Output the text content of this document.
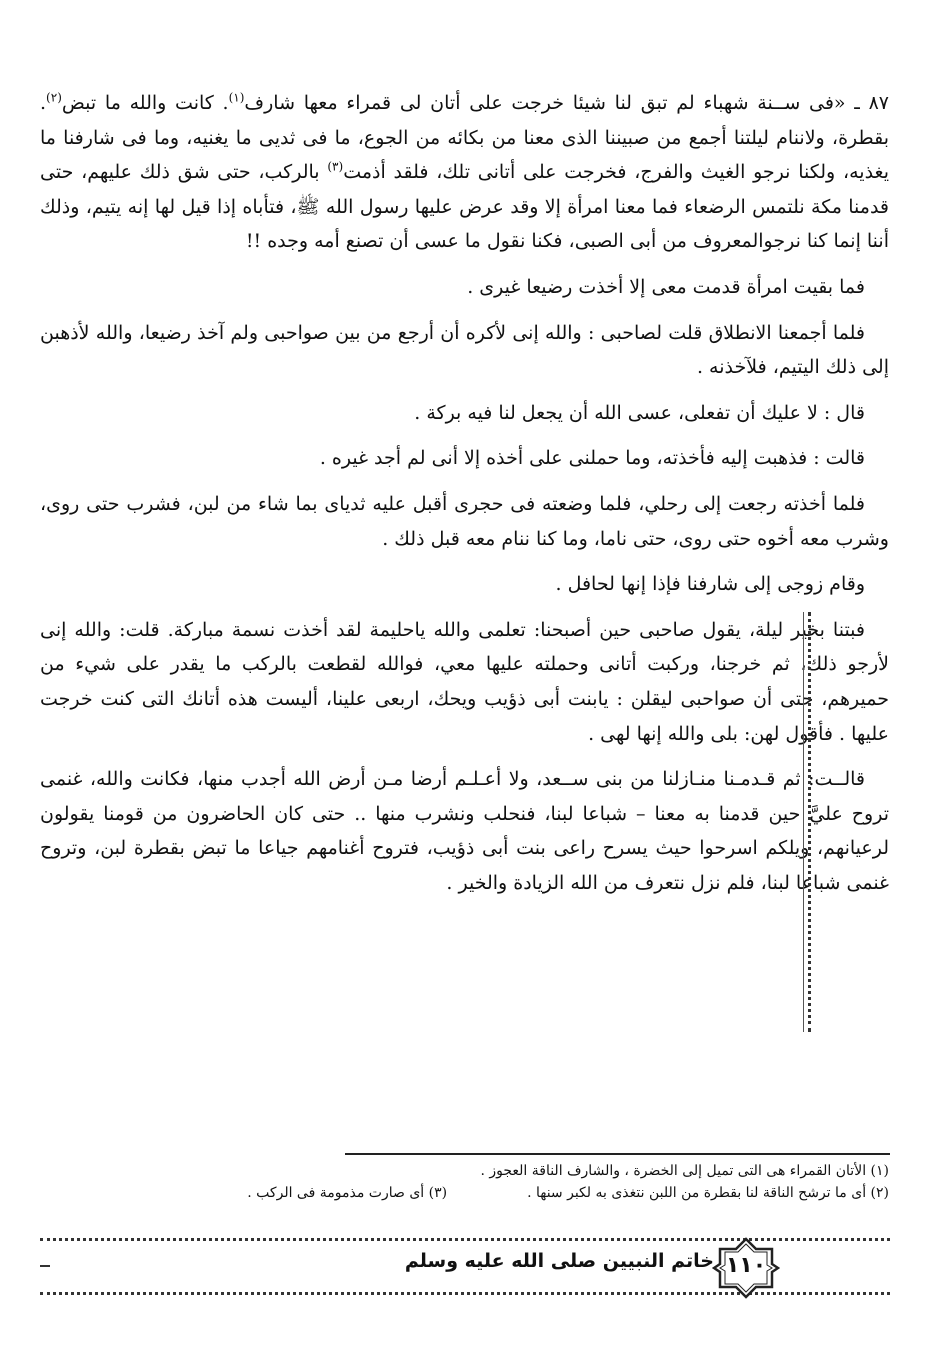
٨٧ ـ «فى ســنة شهباء لم تبق لنا شيئا خرجت على أتان لى قمراء معها شارف$^{(١)}$. كانت والله ما تبض$^{(٢)}$. بقطرة، ولاننام ليلتنا أجمع من صبيننا الذى معنا من بكائه من الجوع، ما فى ثديى ما يغنيه، وما فى شارفنا ما يغذيه، ولكنا نرجو الغيث والفرج، فخرجت على أتانى تلك، فلقد أذمت$^{(٣)}$ بالركب، حتى شق ذلك عليهم، حتى قدمنا مكة نلتمس الرضعاء فما معنا امرأة إلا وقد عرض عليها رسول الله ﷺ، فتأباه إذا قيل لها إنه يتيم، وذلك أننا إنما كنا نرجوالمعروف من أبى الصبى، فكنا نقول ما عسى أن تصنع أمه وجده !!

فما بقيت امرأة قدمت معى إلا أخذت رضيعا غيرى .

فلما أجمعنا الانطلاق قلت لصاحبى : والله إنى لأكره أن أرجع من بين صواحبى ولم آخذ رضيعا، والله لأذهبن إلى ذلك اليتيم، فلآخذنه .

قال : لا عليك أن تفعلى، عسى الله أن يجعل لنا فيه بركة .

قالت : فذهبت إليه فأخذته، وما حملنى على أخذه إلا أنى لم أجد غيره .

فلما أخذته رجعت إلى رحلي، فلما وضعته فى حجرى أقبل عليه ثدياى بما شاء من لبن، فشرب حتى روى، وشرب معه أخوه حتى روى، حتى ناما، وما كنا ننام معه قبل ذلك .

وقام زوجى إلى شارفنا فإذا إنها لحافل .

فبتنا بخير ليلة، يقول صاحبى حين أصبحنا: تعلمى والله ياحليمة لقد أخذت نسمة مباركة. قلت: والله إنى لأرجو ذلك، ثم خرجنا، وركبت أتانى وحملته عليها معي، فوالله لقطعت بالركب ما يقدر على شيء من حميرهم، حتى أن صواحبى ليقلن : يابنت أبى ذؤيب ويحك، اربعى علينا، أليست هذه أتانك التى كنت خرجت عليها . فأقول لهن: بلى والله إنها لهى .

قالــت: ثم قـدمـنا منـازلنا من بنى ســعد، ولا أعـلـم أرضا مـن أرض الله أجدب منها، فكانت والله، غنمى تروح عليَّ حين قدمنا به معنا – شباعا لبنا، فنحلب ونشرب منها .. حتى كان الحاضرون من قومنا يقولون لرعيانهم، ويلكم اسرحوا حيث يسرح راعى بنت أبى ذؤيب، فتروح أغنامهم جياعا ما تبض بقطرة لبن، وتروح غنمى شباعا لبنا، فلم نزل نتعرف من الله الزيادة والخير .

(١) الأتان القمراء هى التى تميل إلى الخضرة ، والشارف الناقة العجوز .
(٢) أى ما ترشح الناقة لنا بقطرة من اللبن نتغذى به لكبر سنها .
(٣) أى صارت مذمومة فى الركب .
خاتم النبيين صلى الله عليه وسلم ١١٠
